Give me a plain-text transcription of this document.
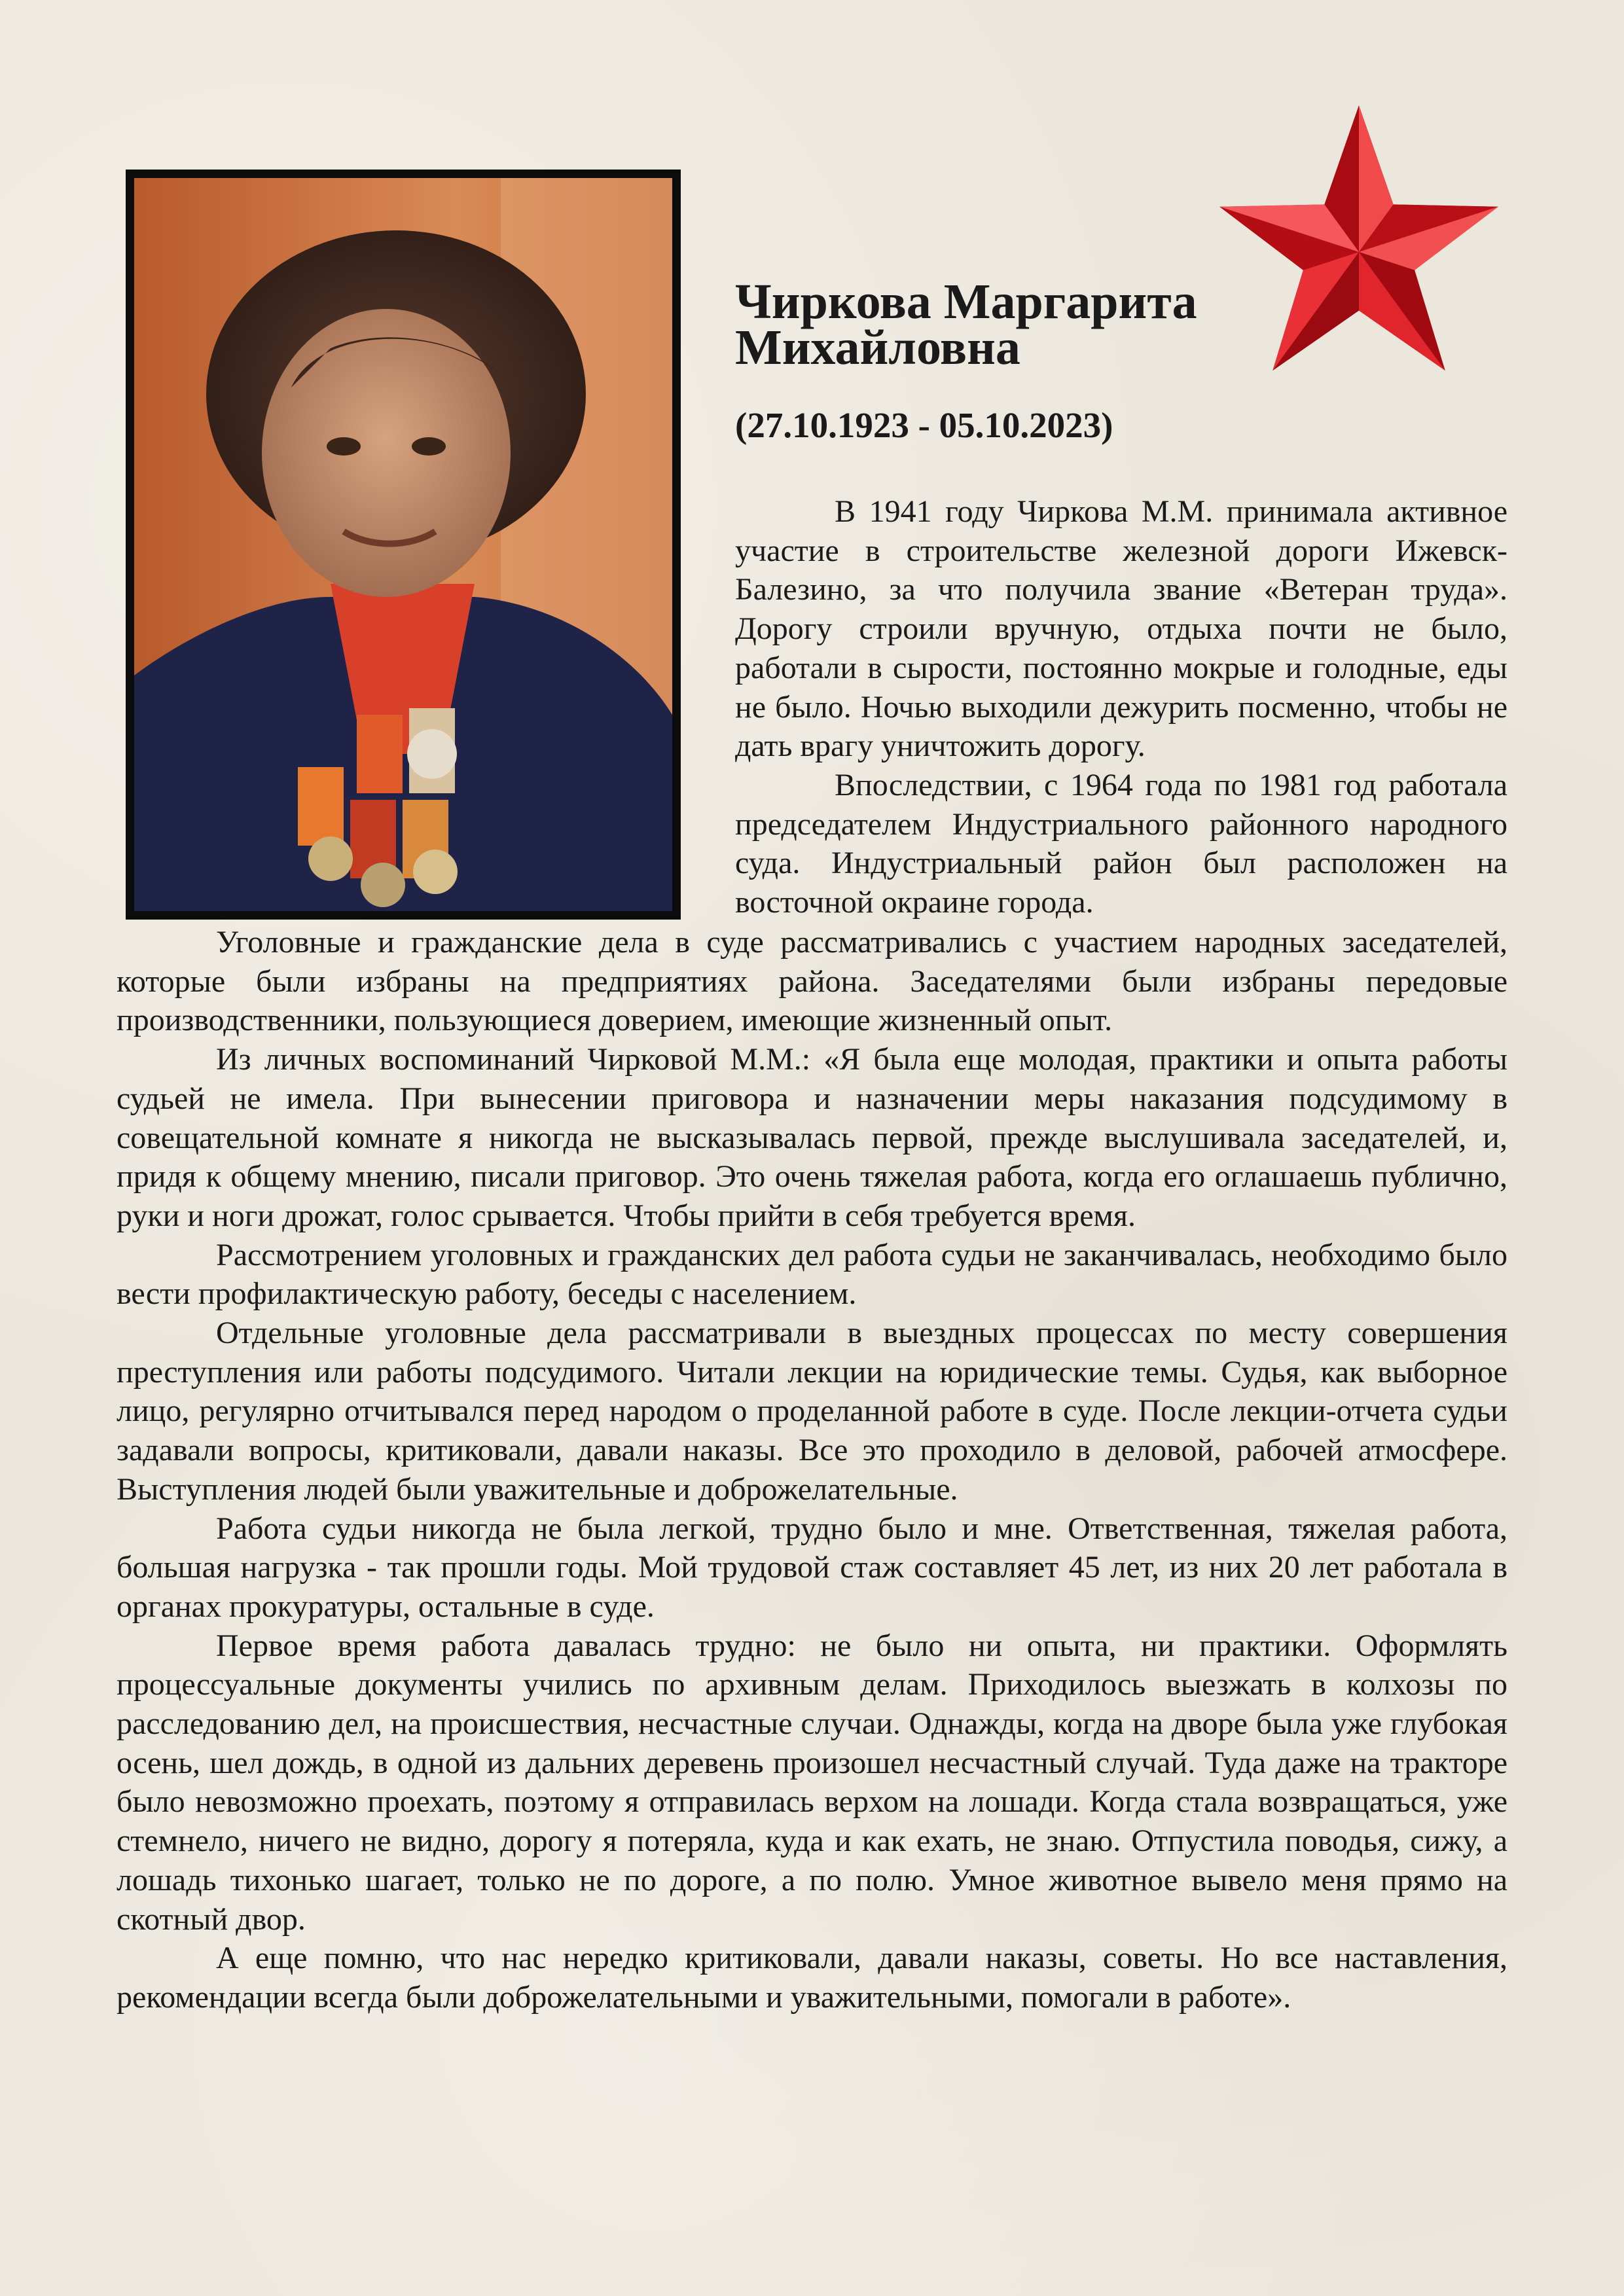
Чиркова Маргарита
Михайловна
(27.10.1923 - 05.10.2023)

В 1941 году Чиркова М.М. принимала активное участие в строительстве железной дороги Ижевск- Балезино, за что получила звание «Ветеран труда». Дорогу строили вручную, отдыха почти не было, работали в сырости, постоянно мокрые и голодные, еды не было. Ночью выходили дежурить посменно, чтобы не дать врагу уничтожить дорогу.

Впоследствии, с 1964 года по 1981 год работала председателем Индустриального районного народного суда. Индустриальный район был расположен на восточной окраине города.

Уголовные и гражданские дела в суде рассматривались с участием народных заседателей, которые были избраны на предприятиях района. Заседателями были избраны передовые производственники, пользующиеся доверием, имеющие жизненный опыт.

Из личных воспоминаний Чирковой М.М.: «Я была еще молодая, практики и опыта работы судьей не имела. При вынесении приговора и назначении меры наказания подсудимому в совещательной комнате я никогда не высказывалась первой, прежде выслушивала заседателей, и, придя к общему мнению, писали приговор. Это очень тяжелая работа, когда его оглашаешь публично, руки и ноги дрожат, голос срывается. Чтобы прийти в себя требуется время.

Рассмотрением уголовных и гражданских дел работа судьи не заканчивалась, необходимо было вести профилактическую работу, беседы с населением.

Отдельные уголовные дела рассматривали в выездных процессах по месту совершения преступления или работы подсудимого. Читали лекции на юридические темы. Судья, как выборное лицо, регулярно отчитывался перед народом о проделанной работе в суде. После лекции-отчета судьи задавали вопросы, критиковали, давали наказы. Все это проходило в деловой, рабочей атмосфере. Выступления людей были уважительные и доброжелательные.

Работа судьи никогда не была легкой, трудно было и мне. Ответственная, тяжелая работа, большая нагрузка - так прошли годы. Мой трудовой стаж составляет 45 лет, из них 20 лет работала в органах прокуратуры, остальные в суде.

Первое время работа давалась трудно: не было ни опыта, ни практики. Оформлять процессуальные документы учились по архивным делам. Приходилось выезжать в колхозы по расследованию дел, на происшествия, несчастные случаи. Однажды, когда на дворе была уже глубокая осень, шел дождь, в одной из дальних деревень произошел несчастный случай. Туда даже на тракторе было невозможно проехать, поэтому я отправилась верхом на лошади. Когда стала возвращаться, уже стемнело, ничего не видно, дорогу я потеряла, куда и как ехать, не знаю. Отпустила поводья, сижу, а лошадь тихонько шагает, только не по дороге, а по полю. Умное животное вывело меня прямо на скотный двор.

А еще помню, что нас нередко критиковали, давали наказы, советы. Но все наставления, рекомендации всегда были доброжелательными и уважительными, помогали в работе».
